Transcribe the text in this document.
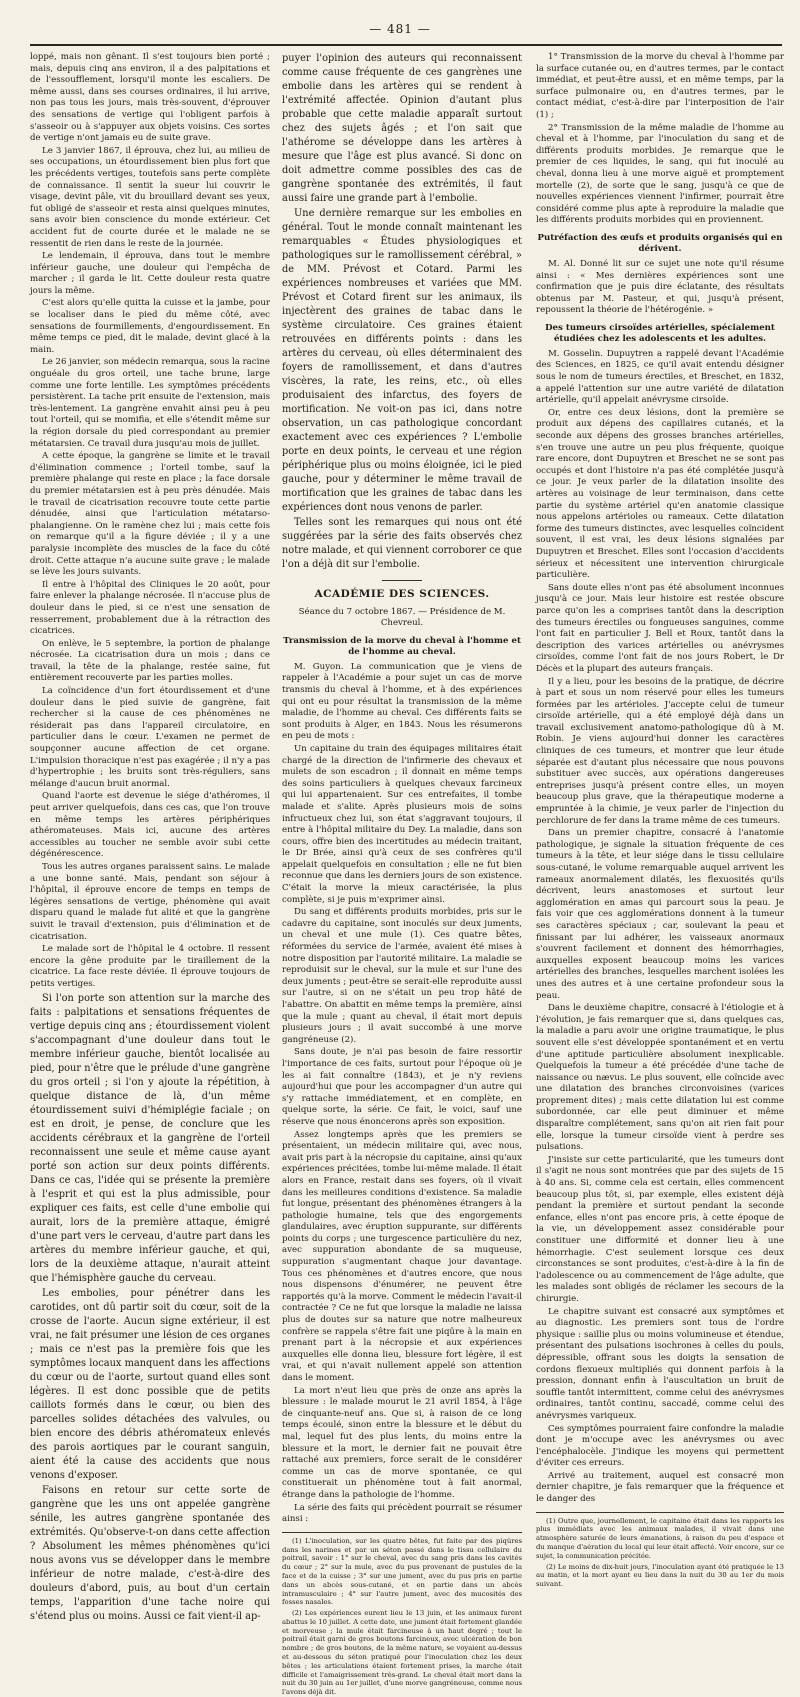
— 481 —

loppé, mais non gênant. Il s'est toujours bien porté ; mais, depuis cinq ans environ, il a des palpitations et de l'essoufflement, lorsqu'il monte les escaliers. De même aussi, dans ses courses ordinaires, il lui arrive, non pas tous les jours, mais très-souvent, d'éprouver des sensations de vertige qui l'obligent parfois à s'asseoir ou à s'appuyer aux objets voisins. Ces sortes de vertige n'ont jamais eu de suite grave.

Le 3 janvier 1867, il éprouva, chez lui, au milieu de ses occupations, un étourdissement bien plus fort que les précédents vertiges, toutefois sans perte complète de connaissance. Il sentit la sueur lui couvrir le visage, devint pâle, vit du brouillard devant ses yeux, fut obligé de s'asseoir et resta ainsi quelques minutes, sans avoir bien conscience du monde extérieur. Cet accident fut de courte durée et le malade ne se ressentit de rien dans le reste de la journée.

Le lendemain, il éprouva, dans tout le membre inférieur gauche, une douleur qui l'empêcha de marcher ; il garda le lit. Cette douleur resta quatre jours la même.

C'est alors qu'elle quitta la cuisse et la jambe, pour se localiser dans le pied du même côté, avec sensations de fourmillements, d'engourdissement. En même temps ce pied, dit le malade, devint glacé à la main.

Le 26 janvier, son médecin remarqua, sous la racine onguéale du gros orteil, une tache brune, large comme une forte lentille. Les symptômes précédents persistèrent. La tache prit ensuite de l'extension, mais très-lentement. La gangrène envahit ainsi peu à peu tout l'orteil, qui se momifia, et elle s'étendit même sur la région dorsale du pied correspondant au premier métatarsien. Ce travail dura jusqu'au mois de juillet.

A cette époque, la gangrène se limite et le travail d'élimination commence ; l'orteil tombe, sauf la première phalange qui reste en place ; la face dorsale du premier métatarsien est à peu près dénudée. Mais le travail de cicatrisation recouvre toute cette partie dénudée, ainsi que l'articulation métatarso-phalangienne. On le ramène chez lui ; mais cette fois on remarque qu'il a la figure déviée ; il y a une paralysie incomplète des muscles de la face du côté droit. Cette attaque n'a aucune suite grave ; le malade se lève les jours suivants.

Il entre à l'hôpital des Cliniques le 20 août, pour faire enlever la phalange nécrosée. Il n'accuse plus de douleur dans le pied, si ce n'est une sensation de resserrement, probablement due à la rétraction des cicatrices.

On enlève, le 5 septembre, la portion de phalange nécrosée. La cicatrisation dura un mois ; dans ce travail, la tête de la phalange, restée saine, fut entièrement recouverte par les parties molles.

La coïncidence d'un fort étourdissement et d'une douleur dans le pied suivie de gangrène, fait rechercher si la cause de ces phénomènes ne résiderait pas dans l'appareil circulatoire, en particulier dans le cœur. L'examen ne permet de soupçonner aucune affection de cet organe. L'impulsion thoracique n'est pas exagérée ; il n'y a pas d'hypertrophie ; les bruits sont très-réguliers, sans mélange d'aucun bruit anormal.

Quand l'aorte est devenue le siége d'athéromes, il peut arriver quelquefois, dans ces cas, que l'on trouve en même temps les artères périphériques athéromateuses. Mais ici, aucune des artères accessibles au toucher ne semble avoir subi cette dégénérescence.

Tous les autres organes paraissent sains. Le malade a une bonne santé. Mais, pendant son séjour à l'hôpital, il éprouve encore de temps en temps de légères sensations de vertige, phénomène qui avait disparu quand le malade fut alité et que la gangrène suivit le travail d'extension, puis d'élimination et de cicatrisation.

Le malade sort de l'hôpital le 4 octobre. Il ressent encore la gêne produite par le tiraillement de la cicatrice. La face reste déviée. Il éprouve toujours de petits vertiges.

Si l'on porte son attention sur la marche des faits : palpitations et sensations fréquentes de vertige depuis cinq ans ; étourdissement violent s'accompagnant d'une douleur dans tout le membre inférieur gauche, bientôt localisée au pied, pour n'être que le prélude d'une gangrène du gros orteil ; si l'on y ajoute la répétition, à quelque distance de là, d'un même étourdissement suivi d'hémiplégie faciale ; on est en droit, je pense, de conclure que les accidents cérébraux et la gangrène de l'orteil reconnaissent une seule et même cause ayant porté son action sur deux points différents. Dans ce cas, l'idée qui se présente la première à l'esprit et qui est la plus admissible, pour expliquer ces faits, est celle d'une embolie qui aurait, lors de la première attaque, émigré d'une part vers le cerveau, d'autre part dans les artères du membre inférieur gauche, et qui, lors de la deuxième attaque, n'aurait atteint que l'hémisphère gauche du cerveau.

Les embolies, pour pénétrer dans les carotides, ont dû partir soit du cœur, soit de la crosse de l'aorte. Aucun signe extérieur, il est vrai, ne fait présumer une lésion de ces organes ; mais ce n'est pas la première fois que les symptômes locaux manquent dans les affections du cœur ou de l'aorte, surtout quand elles sont légères. Il est donc possible que de petits caillots formés dans le cœur, ou bien des parcelles solides détachées des valvules, ou bien encore des débris athéromateux enlevés des parois aortiques par le courant sanguin, aient été la cause des accidents que nous venons d'exposer.

Faisons en retour sur cette sorte de gangrène que les uns ont appelée gangrène sénile, les autres gangrène spontanée des extrémités. Qu'observe-t-on dans cette affection ? Absolument les mêmes phénomènes qu'ici nous avons vus se développer dans le membre inférieur de notre malade, c'est-à-dire des douleurs d'abord, puis, au bout d'un certain temps, l'apparition d'une tache noire qui s'étend plus ou moins. Aussi ce fait vient-il ap-

puyer l'opinion des auteurs qui reconnaissent comme cause fréquente de ces gangrènes une embolie dans les artères qui se rendent à l'extrémité affectée. Opinion d'autant plus probable que cette maladie apparaît surtout chez des sujets âgés ; et l'on sait que l'athérome se développe dans les artères à mesure que l'âge est plus avancé. Si donc on doit admettre comme possibles des cas de gangrène spontanée des extrémités, il faut aussi faire une grande part à l'embolie.

Une dernière remarque sur les embolies en général. Tout le monde connaît maintenant les remarquables « Études physiologiques et pathologiques sur le ramollissement cérébral, » de MM. Prévost et Cotard. Parmi les expériences nombreuses et variées que MM. Prévost et Cotard firent sur les animaux, ils injectèrent des graines de tabac dans le système circulatoire. Ces graines étaient retrouvées en différents points : dans les artères du cerveau, où elles déterminaient des foyers de ramollissement, et dans d'autres viscères, la rate, les reins, etc., où elles produisaient des infarctus, des foyers de mortification. Ne voit-on pas ici, dans notre observation, un cas pathologique concordant exactement avec ces expériences ? L'embolie porte en deux points, le cerveau et une région périphérique plus ou moins éloignée, ici le pied gauche, pour y déterminer le même travail de mortification que les graines de tabac dans les expériences dont nous venons de parler.

Telles sont les remarques qui nous ont été suggérées par la série des faits observés chez notre malade, et qui viennent corroborer ce que l'on a déjà dit sur l'embolie.

ACADÉMIE DES SCIENCES.

Séance du 7 octobre 1867. — Présidence de M. Chevreul.

Transmission de la morve du cheval à l'homme et de l'homme au cheval.

M. Guyon. La communication que je viens de rappeler à l'Académie a pour sujet un cas de morve transmis du cheval à l'homme, et à des expériences qui ont eu pour résultat la transmission de la même maladie, de l'homme au cheval. Ces différents faits se sont produits à Alger, en 1843. Nous les résumerons en peu de mots :

Un capitaine du train des équipages militaires était chargé de la direction de l'infirmerie des chevaux et mulets de son escadron ; il donnait en même temps des soins particuliers à quelques chevaux farcineux qui lui appartenaient. Sur ces entrefaites, il tombe malade et s'alite. Après plusieurs mois de soins infructueux chez lui, son état s'aggravant toujours, il entre à l'hôpital militaire du Dey. La maladie, dans son cours, offre bien des incertitudes au médecin traitant, le Dr Brée, ainsi qu'à ceux de ses confrères qu'il appelait quelquefois en consultation ; elle ne fut bien reconnue que dans les derniers jours de son existence. C'était la morve la mieux caractérisée, la plus complète, si je puis m'exprimer ainsi.

Du sang et différents produits morbides, pris sur le cadavre du capitaine, sont inoculés sur deux juments, un cheval et une mule (1). Ces quatre bêtes, réformées du service de l'armée, avaient été mises à notre disposition par l'autorité militaire. La maladie se reproduisit sur le cheval, sur la mule et sur l'une des deux juments ; peut-être se serait-elle reproduite aussi sur l'autre, si on ne s'était un peu trop hâté de l'abattre. On abattit en même temps la première, ainsi que la mule ; quant au cheval, il était mort depuis plusieurs jours ; il avait succombé à une morve gangréneuse (2).

Sans doute, je n'ai pas besoin de faire ressortir l'importance de ces faits, surtout pour l'époque où je les ai fait connaître (1843), et je n'y reviens aujourd'hui que pour les accompagner d'un autre qui s'y rattache immédiatement, et en complète, en quelque sorte, la série. Ce fait, le voici, sauf une réserve que nous énoncerons après son exposition.

Assez longtemps après que les premiers se présentaient, un médecin militaire qui, avec nous, avait pris part à la nécropsie du capitaine, ainsi qu'aux expériences précitées, tombe lui-même malade. Il était alors en France, restait dans ses foyers, où il vivait dans les meilleures conditions d'existence. Sa maladie fut longue, présentant des phénomènes étrangers à la pathologie humaine, tels que des engorgements glandulaires, avec éruption suppurante, sur différents points du corps ; une turgescence particulière du nez, avec suppuration abondante de sa muqueuse, suppuration s'augmentant chaque jour davantage. Tous ces phénomènes et d'autres encore, que nous nous dispensons d'énumérer, ne peuvent être rapportés qu'à la morve. Comment le médecin l'avait-il contractée ? Ce ne fut que lorsque la maladie ne laissa plus de doutes sur sa nature que notre malheureux confrère se rappela s'être fait une piqûre à la main en prenant part à la nécropsie et aux expériences auxquelles elle donna lieu, blessure fort légère, il est vrai, et qui n'avait nullement appelé son attention dans le moment.

La mort n'eut lieu que près de onze ans après la blessure : le malade mourut le 21 avril 1854, à l'âge de cinquante-neuf ans. Que si, à raison de ce long temps écoulé, sinon entre la blessure et le début du mal, lequel fut des plus lents, du moins entre la blessure et la mort, le dernier fait ne pouvait être rattaché aux premiers, force serait de le considérer comme un cas de morve spontanée, ce qui constituerait un phénomène tout à fait anormal, étrange dans la pathologie de l'homme.

La série des faits qui précèdent pourrait se résumer ainsi :

(1) L'inoculation, sur les quatre bêtes, fut faite par des piqûres dans les narines et par un séton passé dans le tissu cellulaire du poitrail, savoir : 1° sur le cheval, avec du sang pris dans les cavités du cœur ; 2° sur la mule, avec du pus provenant de pustules de la face et de la cuisse ; 3° sur une jument, avec du pus pris en partie dans un abcès sous-cutané, et en partie dans un abcès intramusculaire ; 4° sur l'autre jument, avec des mucosités des fosses nasales.

(2) Les expériences eurent lieu le 13 juin, et les animaux furent abattus le 10 juillet. A cette date, une jument était fortement glandée et morveuse ; la mule était farcineuse à un haut degré ; tout le poitrail était garni de gros boutons farcineux, avec ulcération de bon nombre ; de gros boutons, de la même nature, se voyaient au-dessus et au-dessous du séton pratiqué pour l'inoculation chez les deux bêtes ; les articulations étaient fortement prises, la marche était difficile et l'amaigrissement très-grand. Le cheval était mort dans la nuit du 30 juin au 1er juillet, d'une morve gangréneuse, comme nous l'avons déjà dit.

1° Transmission de la morve du cheval à l'homme par la surface cutanée ou, en d'autres termes, par le contact immédiat, et peut-être aussi, et en même temps, par la surface pulmonaire ou, en d'autres termes, par le contact médiat, c'est-à-dire par l'interposition de l'air (1) ;

2° Transmission de la même maladie de l'homme au cheval et à l'homme, par l'inoculation du sang et de différents produits morbides. Je remarque que le premier de ces liquides, le sang, qui fut inoculé au cheval, donna lieu à une morve aiguë et promptement mortelle (2), de sorte que le sang, jusqu'à ce que de nouvelles expériences viennent l'infirmer, pourrait être considéré comme plus apte à reproduire la maladie que les différents produits morbides qui en proviennent.

Putréfaction des œufs et produits organisés qui en dérivent.

M. Al. Donné lit sur ce sujet une note qu'il résume ainsi : « Mes dernières expériences sont une confirmation que je puis dire éclatante, des résultats obtenus par M. Pasteur, et qui, jusqu'à présent, repoussent la théorie de l'hétérogénie. »

Des tumeurs cirsoïdes artérielles, spécialement étudiées chez les adolescents et les adultes.

M. Gosselin. Dupuytren a rappelé devant l'Académie des Sciences, en 1825, ce qu'il avait entendu désigner sous le nom de tumeurs érectiles, et Breschet, en 1832, a appelé l'attention sur une autre variété de dilatation artérielle, qu'il appelait anévrysme cirsoïde.

Or, entre ces deux lésions, dont la première se produit aux dépens des capillaires cutanés, et la seconde aux dépens des grosses branches artérielles, s'en trouve une autre un peu plus fréquente, quoique rare encore, dont Dupuytren et Breschet ne se sont pas occupés et dont l'histoire n'a pas été complétée jusqu'à ce jour. Je veux parler de la dilatation insolite des artères au voisinage de leur terminaison, dans cette partie du système artériel qu'en anatomie classique nous appelons artérioles ou rameaux. Cette dilatation forme des tumeurs distinctes, avec lesquelles coïncident souvent, il est vrai, les deux lésions signalées par Dupuytren et Breschet. Elles sont l'occasion d'accidents sérieux et nécessitent une intervention chirurgicale particulière.

Sans doute elles n'ont pas été absolument inconnues jusqu'à ce jour. Mais leur histoire est restée obscure parce qu'on les a comprises tantôt dans la description des tumeurs érectiles ou fongueuses sanguines, comme l'ont fait en particulier J. Bell et Roux, tantôt dans la description des varices artérielles ou anévrysmes cirsoïdes, comme l'ont fait de nos jours Robert, le Dr Décès et la plupart des auteurs français.

Il y a lieu, pour les besoins de la pratique, de décrire à part et sous un nom réservé pour elles les tumeurs formées par les artérioles. J'accepte celui de tumeur cirsoïde artérielle, qui a été employé déjà dans un travail exclusivement anatomo-pathologique dû à M. Robin. Je viens aujourd'hui donner les caractères cliniques de ces tumeurs, et montrer que leur étude séparée est d'autant plus nécessaire que nous pouvons substituer avec succès, aux opérations dangereuses entreprises jusqu'à présent contre elles, un moyen beaucoup plus grave, que la thérapeutique moderne a empruntée à la chimie, je veux parler de l'injection du perchlorure de fer dans la trame même de ces tumeurs.

Dans un premier chapitre, consacré à l'anatomie pathologique, je signale la situation fréquente de ces tumeurs à la tête, et leur siége dans le tissu cellulaire sous-cutané, le volume remarquable auquel arrivent les rameaux anormalement dilatés, les flexuosités qu'ils décrivent, leurs anastomoses et surtout leur agglomération en amas qui parcourt sous la peau. Je fais voir que ces agglomérations donnent à la tumeur ses caractères spéciaux ; car, soulevant la peau et finissant par lui adhérer, les vaisseaux anormaux s'ouvrent facilement et donnent des hémorrhagies, auxquelles exposent beaucoup moins les varices artérielles des branches, lesquelles marchent isolées les unes des autres et à une certaine profondeur sous la peau.

Dans le deuxième chapitre, consacré à l'étiologie et à l'évolution, je fais remarquer que si, dans quelques cas, la maladie a paru avoir une origine traumatique, le plus souvent elle s'est développée spontanément et en vertu d'une aptitude particulière absolument inexplicable. Quelquefois la tumeur a été précédée d'une tache de naissance ou nævus. Le plus souvent, elle coïncide avec une dilatation des branches circonvoisines (varices proprement dites) ; mais cette dilatation lui est comme subordonnée, car elle peut diminuer et même disparaître complétement, sans qu'on ait rien fait pour elle, lorsque la tumeur cirsoïde vient à perdre ses pulsations.

J'insiste sur cette particularité, que les tumeurs dont il s'agit ne nous sont montrées que par des sujets de 15 à 40 ans. Si, comme cela est certain, elles commencent beaucoup plus tôt, si, par exemple, elles existent déjà pendant la première et surtout pendant la seconde enfance, elles n'ont pas encore pris, à cette époque de la vie, un développement assez considérable pour constituer une difformité et donner lieu à une hémorrhagie. C'est seulement lorsque ces deux circonstances se sont produites, c'est-à-dire à la fin de l'adolescence ou au commencement de l'âge adulte, que les malades sont obligés de réclamer les secours de la chirurgie.

Le chapitre suivant est consacré aux symptômes et au diagnostic. Les premiers sont tous de l'ordre physique : saillie plus ou moins volumineuse et étendue, présentant des pulsations isochrones à celles du pouls, dépressible, offrant sous les doigts la sensation de cordons flexueux multipliés qui donnent parfois à la pression, donnant enfin à l'auscultation un bruit de souffle tantôt intermittent, comme celui des anévrysmes ordinaires, tantôt continu, saccadé, comme celui des anévrysmes variqueux.

Ces symptômes pourraient faire confondre la maladie dont je m'occupe avec les anévrysmes ou avec l'encéphalocèle. J'indique les moyens qui permettent d'éviter ces erreurs.

Arrivé au traitement, auquel est consacré mon dernier chapitre, je fais remarquer que la fréquence et le danger des

(1) Outre que, journellement, le capitaine était dans les rapports les plus immédiats avec les animaux malades, il vivait dans une atmosphère saturée de leurs émanations, à raison du peu d'espace et du manque d'aération du local qui leur était affecté. Voir encore, sur ce sujet, la communication précitée.

(2) Le moins de dix-huit jours, l'inoculation ayant été pratiquée le 13 au matin, et la mort ayant eu lieu dans la nuit du 30 au 1er du mois suivant.
